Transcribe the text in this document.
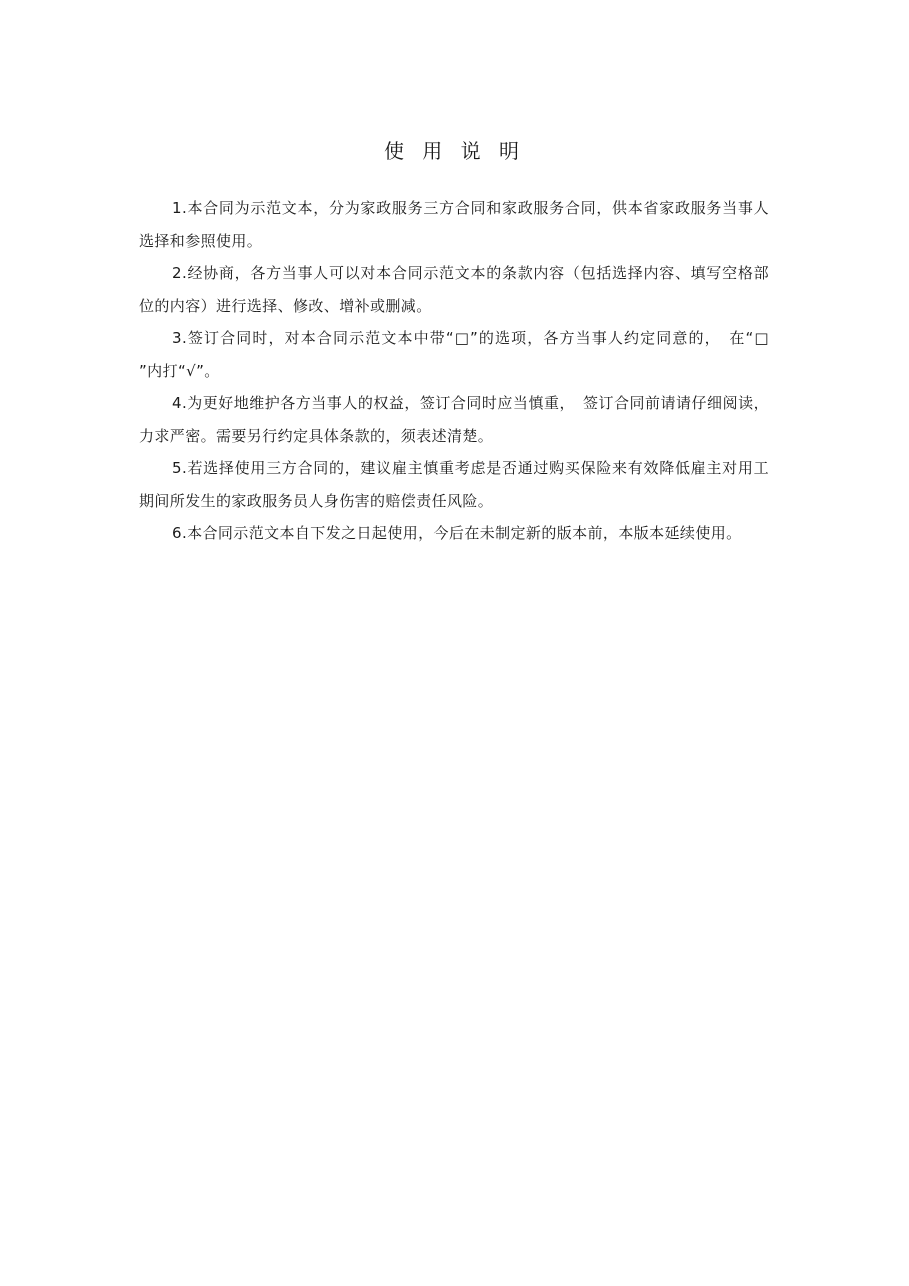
使 用 说 明

1.本合同为示范文本，分为家政服务三方合同和家政服务合同，供本省家政服务当事人选择和参照使用。

2.经协商，各方当事人可以对本合同示范文本的条款内容（包括选择内容、填写空格部位的内容）进行选择、修改、增补或删减。

3.签订合同时，对本合同示范文本中带“□”的选项，各方当事人约定同意的，　在“□ ”内打“√”。

4.为更好地维护各方当事人的权益，签订合同时应当慎重，　签订合同前请请仔细阅读，力求严密。需要另行约定具体条款的，须表述清楚。

5.若选择使用三方合同的，建议雇主慎重考虑是否通过购买保险来有效降低雇主对用工期间所发生的家政服务员人身伤害的赔偿责任风险。

6.本合同示范文本自下发之日起使用，今后在未制定新的版本前，本版本延续使用。
